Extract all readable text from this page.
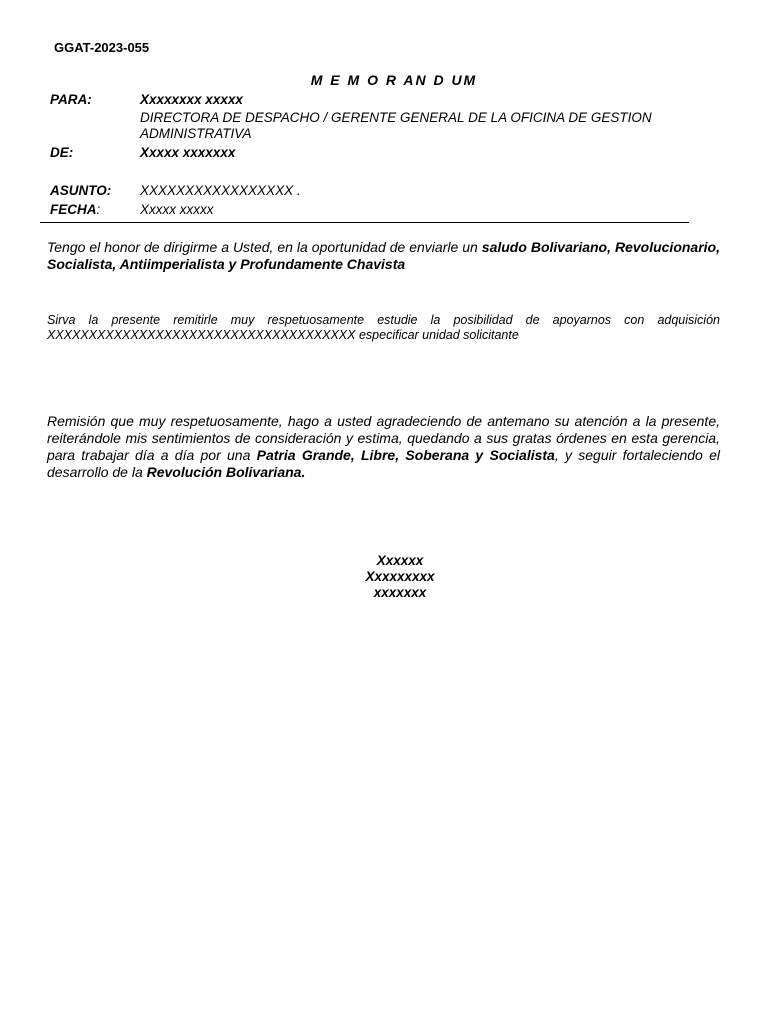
GGAT-2023-055
M E M O R AN D UM
PARA:	Xxxxxxxx xxxxx
DIRECTORA DE DESPACHO / GERENTE GENERAL DE LA OFICINA DE GESTION
ADMINISTRATIVA
DE:	Xxxxx xxxxxxx
ASUNTO: XXXXXXXXXXXXXXXXX .
FECHA:	Xxxxx xxxxx
Tengo el honor de dirigirme a Usted, en la oportunidad de enviarle un saludo Bolivariano, Revolucionario, Socialista, Antiimperialista y Profundamente Chavista
Sirva la presente remitirle muy respetuosamente estudie la posibilidad de apoyarnos con adquisición
XXXXXXXXXXXXXXXXXXXXXXXXXXXXXXXXXXXXX especificar unidad solicitante
Remisión que muy respetuosamente, hago a usted agradeciendo de antemano su atención a la presente, reiterándole mis sentimientos de consideración y estima, quedando a sus gratas órdenes en esta gerencia, para trabajar día a día por una Patria Grande, Libre, Soberana y Socialista, y seguir fortaleciendo el desarrollo de la Revolución Bolivariana.
Xxxxxx
Xxxxxxxxx
xxxxxxx
